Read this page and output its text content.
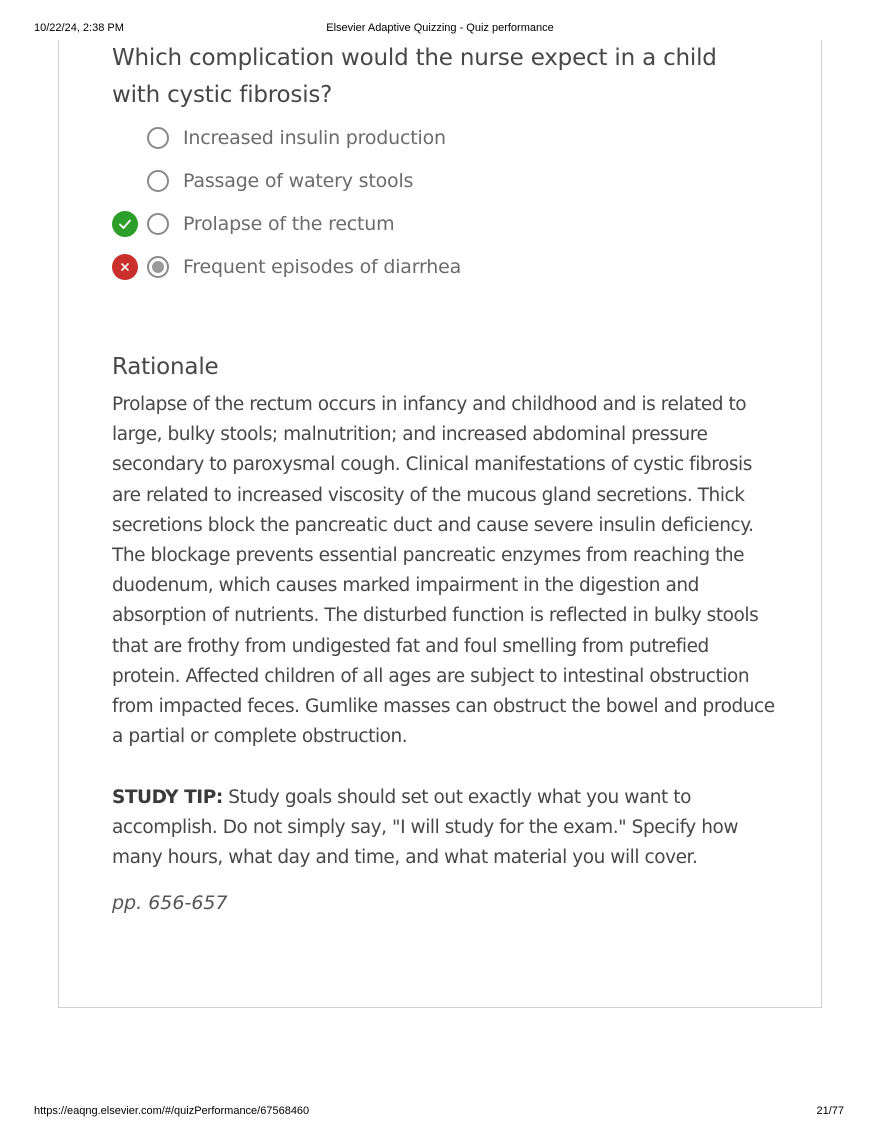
10/22/24, 2:38 PM	Elsevier Adaptive Quizzing - Quiz performance
Which complication would the nurse expect in a child with cystic fibrosis?
Increased insulin production
Passage of watery stools
Prolapse of the rectum
Frequent episodes of diarrhea
Rationale
Prolapse of the rectum occurs in infancy and childhood and is related to large, bulky stools; malnutrition; and increased abdominal pressure secondary to paroxysmal cough. Clinical manifestations of cystic fibrosis are related to increased viscosity of the mucous gland secretions. Thick secretions block the pancreatic duct and cause severe insulin deficiency. The blockage prevents essential pancreatic enzymes from reaching the duodenum, which causes marked impairment in the digestion and absorption of nutrients. The disturbed function is reflected in bulky stools that are frothy from undigested fat and foul smelling from putrefied protein. Affected children of all ages are subject to intestinal obstruction from impacted feces. Gumlike masses can obstruct the bowel and produce a partial or complete obstruction.
STUDY TIP: Study goals should set out exactly what you want to accomplish. Do not simply say, "I will study for the exam." Specify how many hours, what day and time, and what material you will cover.
pp. 656-657
https://eaqng.elsevier.com/#/quizPerformance/67568460	21/77
